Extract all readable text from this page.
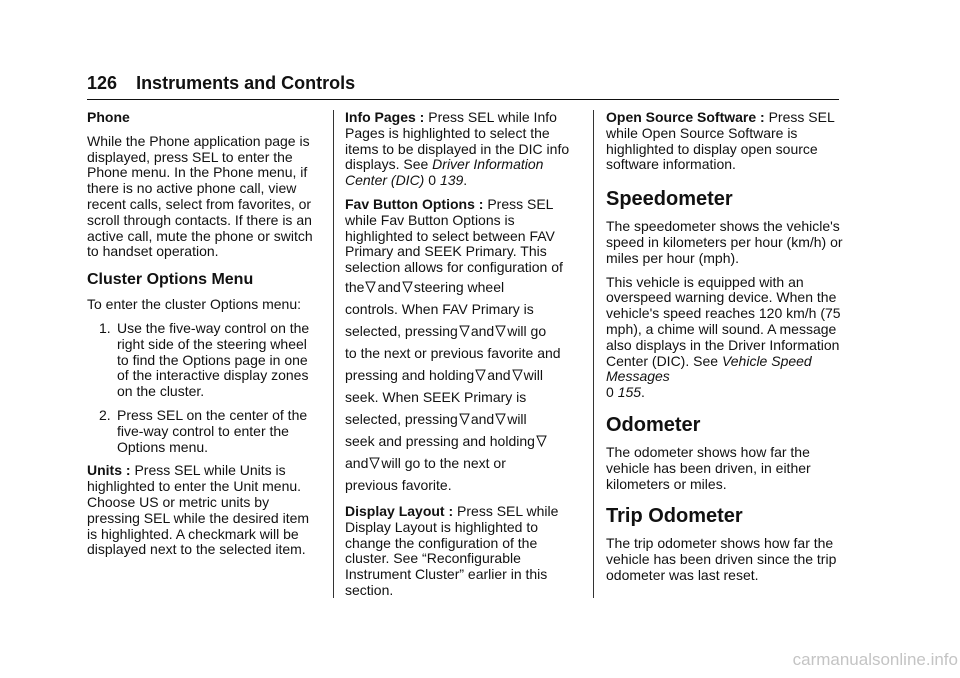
126 Instruments and Controls
Phone

While the Phone application page is displayed, press SEL to enter the Phone menu. In the Phone menu, if there is no active phone call, view recent calls, select from favorites, or scroll through contacts. If there is an active call, mute the phone or switch to handset operation.

Cluster Options Menu

To enter the cluster Options menu:

1. Use the five-way control on the right side of the steering wheel to find the Options page in one of the interactive display zones on the cluster.
2. Press SEL on the center of the five-way control to enter the Options menu.

Units : Press SEL while Units is highlighted to enter the Unit menu. Choose US or metric units by pressing SEL while the desired item is highlighted. A checkmark will be displayed next to the selected item.

Info Pages : Press SEL while Info Pages is highlighted to select the items to be displayed in the DIC info displays. See Driver Information Center (DIC) 0 139.

Fav Button Options : Press SEL while Fav Button Options is highlighted to select between FAV Primary and SEEK Primary. This selection allows for configuration of

the and steering wheel
controls. When FAV Primary is
selected, pressing and will go
to the next or previous favorite and
pressing and holding and will
seek. When SEEK Primary is
selected, pressing and will
seek and pressing and holding
and will go to the next or
previous favorite.

Display Layout : Press SEL while Display Layout is highlighted to change the configuration of the cluster. See “Reconfigurable Instrument Cluster” earlier in this section.

Open Source Software : Press SEL while Open Source Software is highlighted to display open source software information.

Speedometer

The speedometer shows the vehicle's speed in kilometers per hour (km/h) or miles per hour (mph).

This vehicle is equipped with an overspeed warning device. When the vehicle's speed reaches 120 km/h (75 mph), a chime will sound. A message also displays in the Driver Information Center (DIC). See Vehicle Speed Messages
0 155.

Odometer

The odometer shows how far the vehicle has been driven, in either kilometers or miles.

Trip Odometer

The trip odometer shows how far the vehicle has been driven since the trip odometer was last reset.

carmanualsonline.info
